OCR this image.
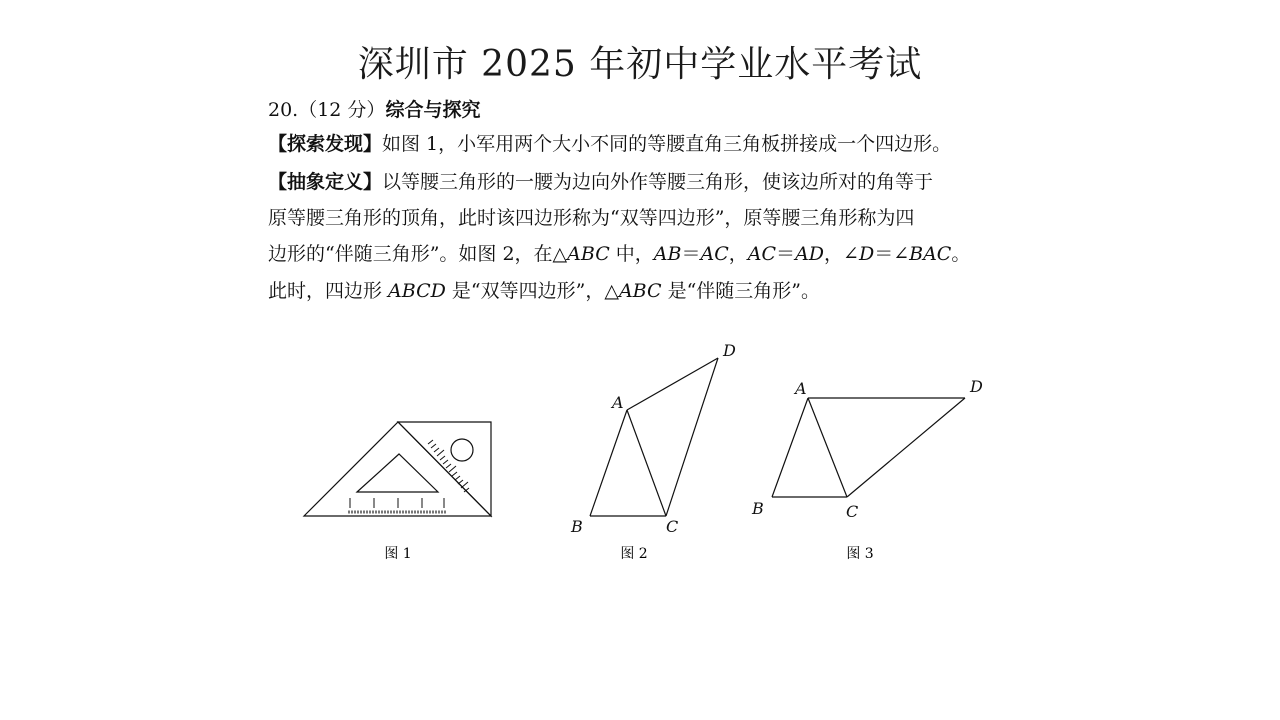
深圳市 2025 年初中学业水平考试
20.（12 分）综合与探究
【探索发现】如图 1，小军用两个大小不同的等腰直角三角板拼接成一个四边形。
【抽象定义】以等腰三角形的一腰为边向外作等腰三角形，使该边所对的角等于
原等腰三角形的顶角，此时该四边形称为“双等四边形”，原等腰三角形称为四
边形的“伴随三角形”。如图 2，在△ABC 中，AB＝AC，AC＝AD，∠D＝∠BAC。
此时，四边形 ABCD 是“双等四边形”，△ABC 是“伴随三角形”。
图 1
A
B	C
D
图 2
A
B	C
D
图 3
